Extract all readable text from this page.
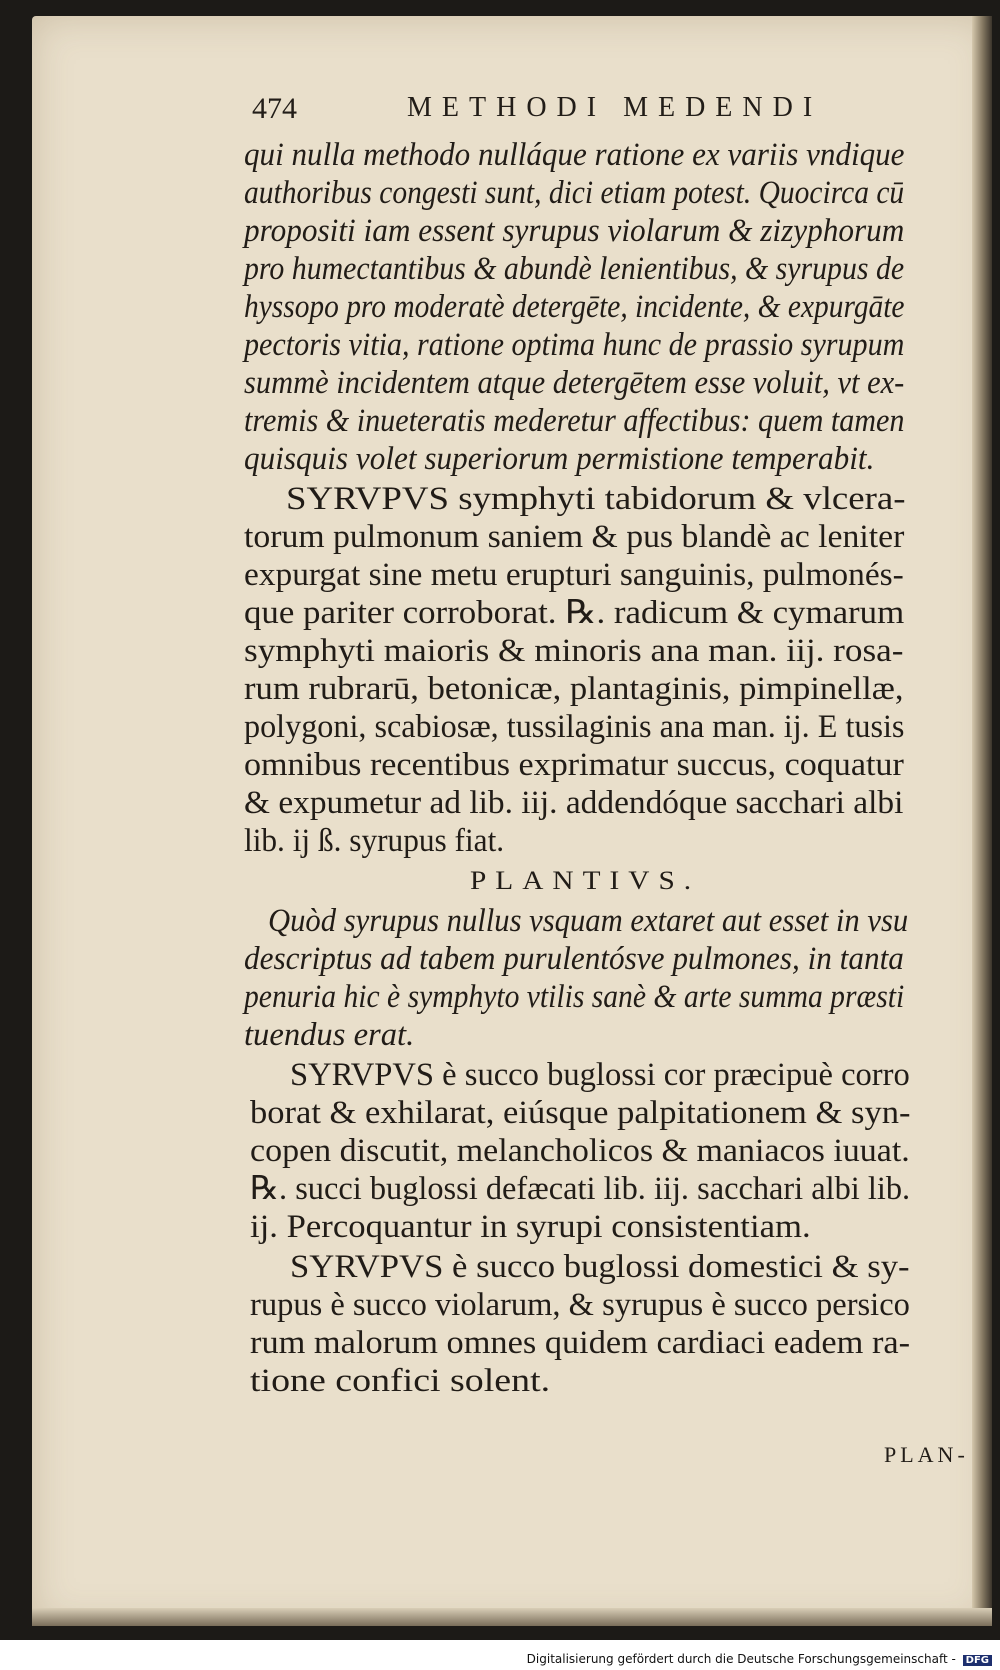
474	METHODI MEDENDI
qui nulla methodo nulláque ratione ex variis vndique
authoribus congesti sunt, dici etiam potest. Quocirca cū
propositi iam essent syrupus violarum & zizyphorum
pro humectantibus & abundè lenientibus, & syrupus de
hyssopo pro moderatè detergēte, incidente, & expurgāte
pectoris vitia, ratione optima hunc de prassio syrupum
summè incidentem atque detergētem esse voluit, vt ex-
tremis & inueteratis mederetur affectibus: quem tamen
quisquis volet superiorum permistione temperabit.
SYRVPVS symphyti tabidorum & vlcera-
torum pulmonum saniem & pus blandè ac leniter
expurgat sine metu erupturi sanguinis, pulmonés-
que pariter corroborat. ℞. radicum & cymarum
symphyti maioris & minoris ana man. iij. rosa-
rum rubrarū, betonicæ, plantaginis, pimpinellæ,
polygoni, scabiosæ, tussilaginis ana man. ij. E tusis
omnibus recentibus exprimatur succus, coquatur
& expumetur ad lib. iij. addendóque sacchari albi
lib. ij ß. syrupus fiat.
PLANTIVS.
Quòd syrupus nullus vsquam extaret aut esset in vsu
descriptus ad tabem purulentósve pulmones, in tanta
penuria hic è symphyto vtilis sanè & arte summa præsti
tuendus erat.
SYRVPVS è succo buglossi cor præcipuè corro
borat & exhilarat, eiúsque palpitationem & syn-
copen discutit, melancholicos & maniacos iuuat.
℞. succi buglossi defæcati lib. iij. sacchari albi lib.
ij. Percoquantur in syrupi consistentiam.
SYRVPVS è succo buglossi domestici & sy-
rupus è succo violarum, & syrupus è succo persico
rum malorum omnes quidem cardiaci eadem ra-
tione confici solent.
PLAN-
Digitalisierung gefördert durch die Deutsche Forschungsgemeinschaft - DFG
